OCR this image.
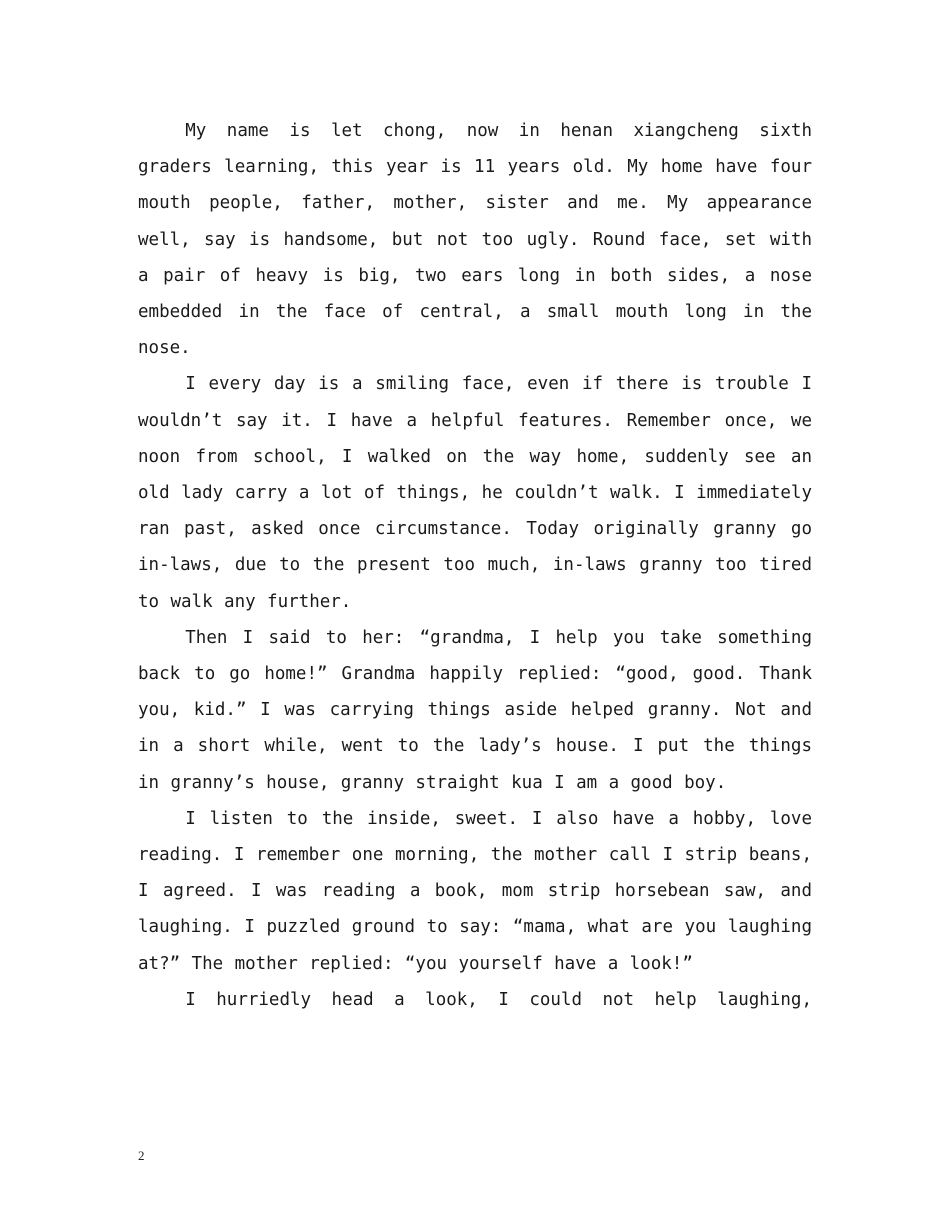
My name is let chong, now in henan xiangcheng sixth graders learning, this year is 11 years old. My home have four mouth people, father, mother, sister and me. My appearance well, say is handsome, but not too ugly. Round face, set with a pair of heavy is big, two ears long in both sides, a nose embedded in the face of central, a small mouth long in the nose.

I every day is a smiling face, even if there is trouble I wouldn’t say it. I have a helpful features. Remember once, we noon from school, I walked on the way home, suddenly see an old lady carry a lot of things, he couldn’t walk. I immediately ran past, asked once circumstance. Today originally granny go in-laws, due to the present too much, in-laws granny too tired to walk any further.

Then I said to her: “grandma, I help you take something back to go home!” Grandma happily replied: “good, good. Thank you, kid.” I was carrying things aside helped granny. Not and in a short while, went to the lady’s house. I put the things in granny’s house, granny straight kua I am a good boy.

I listen to the inside, sweet. I also have a hobby, love reading. I remember one morning, the mother call I strip beans, I agreed. I was reading a book, mom strip horsebean saw, and laughing. I puzzled ground to say: “mama, what are you laughing at?” The mother replied: “you yourself have a look!”

I hurriedly head a look, I could not help laughing,

2
